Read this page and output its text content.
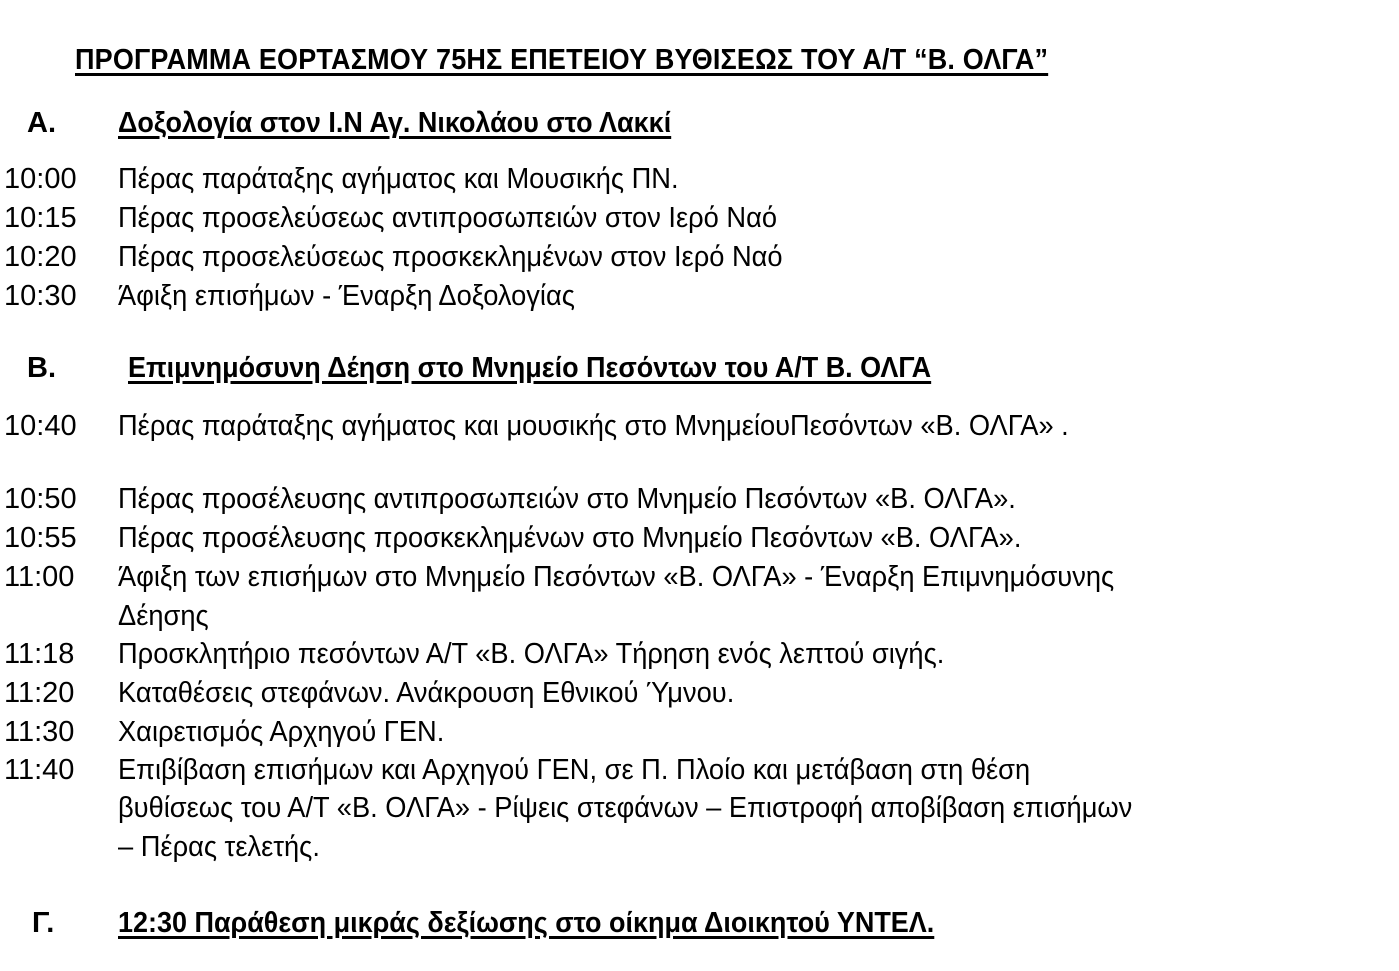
ΠΡΟΓΡΑΜΜΑ ΕΟΡΤΑΣΜΟΥ 75ΗΣ ΕΠΕΤΕΙΟΥ ΒΥΘΙΣΕΩΣ ΤΟΥ Α/Τ “Β. ΟΛΓΑ”
Α. Δοξολογία στον Ι.Ν Αγ. Νικολάου στο Λακκί
10:00 Πέρας παράταξης αγήματος και Μουσικής ΠΝ.
10:15 Πέρας προσελεύσεως αντιπροσωπειών στον Ιερό Ναό
10:20 Πέρας προσελεύσεως προσκεκλημένων στον Ιερό Ναό
10:30 Άφιξη επισήμων - Έναρξη Δοξολογίας
Β. Επιμνημόσυνη Δέηση στο Μνημείο Πεσόντων του Α/Τ Β. ΟΛΓΑ
10:40 Πέρας παράταξης αγήματος και μουσικής στο ΜνημείουΠεσόντων «Β. ΟΛΓΑ» .
10:50 Πέρας προσέλευσης αντιπροσωπειών στο Μνημείο Πεσόντων «Β. ΟΛΓΑ».
10:55 Πέρας προσέλευσης προσκεκλημένων στο Μνημείο Πεσόντων «Β. ΟΛΓΑ».
11:00 Άφιξη των επισήμων στο Μνημείο Πεσόντων «Β. ΟΛΓΑ» - Έναρξη Επιμνημόσυνης
Δέησης
11:18 Προσκλητήριο πεσόντων Α/Τ «Β. ΟΛΓΑ» Τήρηση ενός λεπτού σιγής.
11:20 Καταθέσεις στεφάνων. Ανάκρουση Εθνικού Ύμνου.
11:30 Χαιρετισμός Αρχηγού ΓΕΝ.
11:40 Επιβίβαση επισήμων και Αρχηγού ΓΕΝ, σε Π. Πλοίο και μετάβαση στη θέση
βυθίσεως του Α/Τ «Β. ΟΛΓΑ» - Ρίψεις στεφάνων – Επιστροφή αποβίβαση επισήμων
– Πέρας τελετής.
Γ. 12:30 Παράθεση μικράς δεξίωσης στο οίκημα Διοικητού ΥΝΤΕΛ.
